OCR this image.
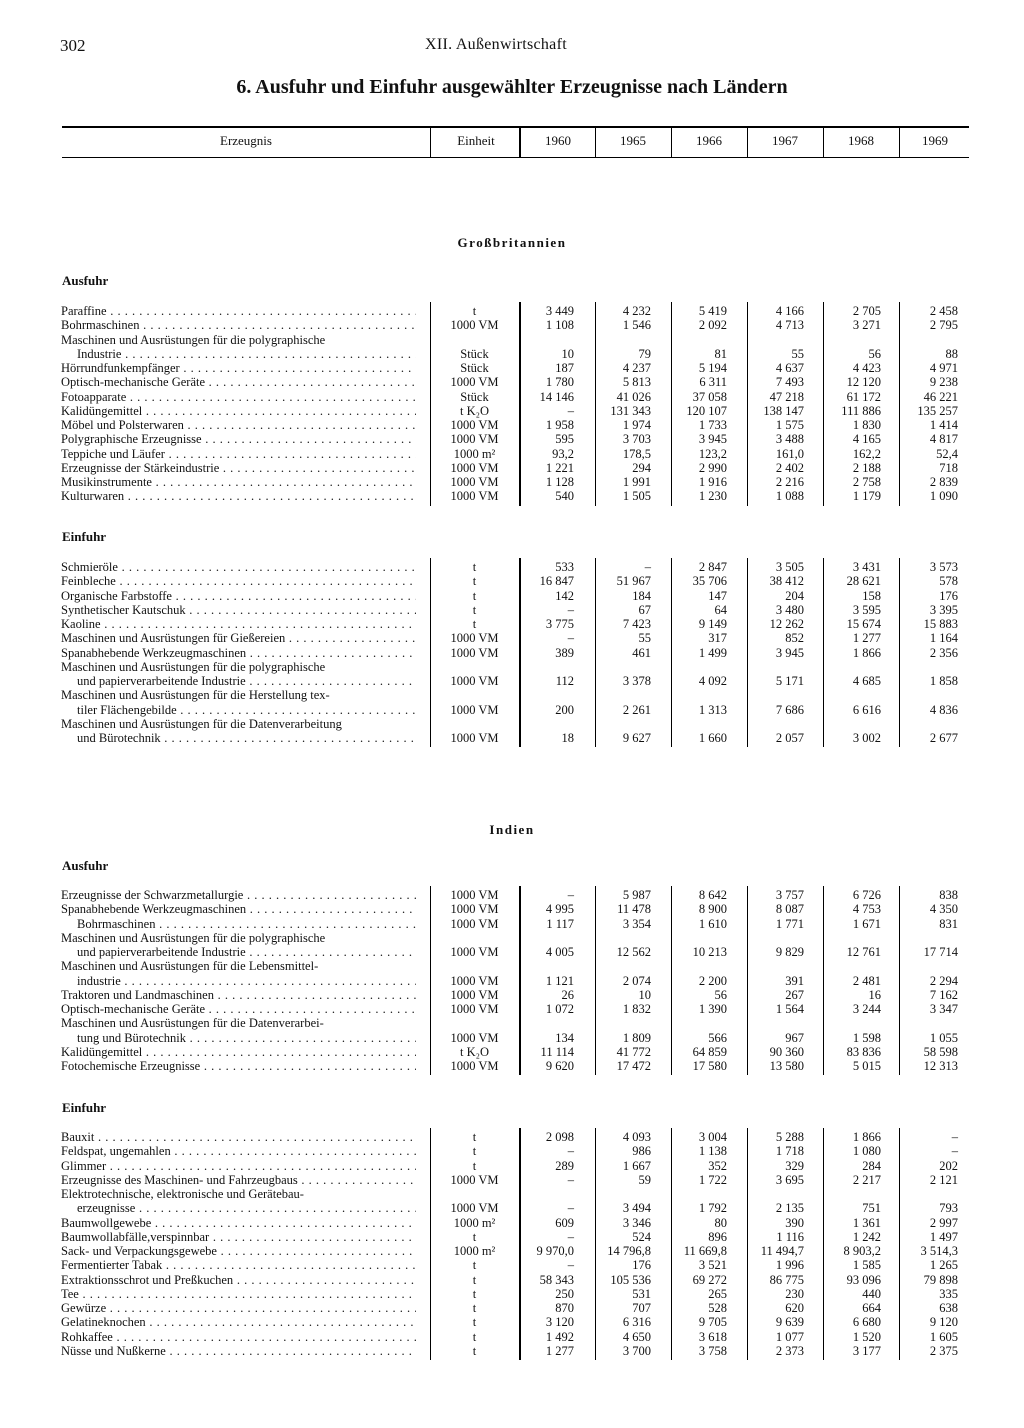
302	XII. Außenwirtschaft
6. Ausfuhr und Einfuhr ausgewählter Erzeugnisse nach Ländern
Erzeugnis	Einheit	1960	1965	1966	1967	1968	1969
Großbritannien
Ausfuhr
Paraffine . . .	t	3 449	4 232	5 419	4 166	2 705	2 458
Bohrmaschinen . . .	1000 VM	1 108	1 546	2 092	4 713	3 271	2 795
Maschinen und Ausrüstungen für die polygraphische
Industrie . . .	Stück	10	79	81	55	56	88
Hörrundfunkempfänger . . .	Stück	187	4 237	5 194	4 637	4 423	4 971
Optisch-mechanische Geräte . . .	1000 VM	1 780	5 813	6 311	7 493	12 120	9 238
Fotoapparate . . .	Stück	14 146	41 026	37 058	47 218	61 172	46 221
Kalidüngemittel . . .	t K₂O	–	131 343	120 107	138 147	111 886	135 257
Möbel und Polsterwaren . . .	1000 VM	1 958	1 974	1 733	1 575	1 830	1 414
Polygraphische Erzeugnisse . . .	1000 VM	595	3 703	3 945	3 488	4 165	4 817
Teppiche und Läufer . . .	1000 m²	93,2	178,5	123,2	161,0	162,2	52,4
Erzeugnisse der Stärkeindustrie . . .	1000 VM	1 221	294	2 990	2 402	2 188	718
Musikinstrumente . . .	1000 VM	1 128	1 991	1 916	2 216	2 758	2 839
Kulturwaren . . .	1000 VM	540	1 505	1 230	1 088	1 179	1 090
Einfuhr
Schmieröle . . .	t	533	–	2 847	3 505	3 431	3 573
Feinbleche . . .	t	16 847	51 967	35 706	38 412	28 621	578
Organische Farbstoffe . . .	t	142	184	147	204	158	176
Synthetischer Kautschuk . . .	t	–	67	64	3 480	3 595	3 395
Kaoline . . .	t	3 775	7 423	9 149	12 262	15 674	15 883
Maschinen und Ausrüstungen für Gießereien . . .	1000 VM	–	55	317	852	1 277	1 164
Spanabhebende Werkzeugmaschinen . . .	1000 VM	389	461	1 499	3 945	1 866	2 356
Maschinen und Ausrüstungen für die polygraphische
und papierverarbeitende Industrie . . .	1000 VM	112	3 378	4 092	5 171	4 685	1 858
Maschinen und Ausrüstungen für die Herstellung tex-
tiler Flächengebilde . . .	1000 VM	200	2 261	1 313	7 686	6 616	4 836
Maschinen und Ausrüstungen für die Datenverarbeitung
und Bürotechnik . . .	1000 VM	18	9 627	1 660	2 057	3 002	2 677
Indien
Ausfuhr
Erzeugnisse der Schwarzmetallurgie . . .	1000 VM	–	5 987	8 642	3 757	6 726	838
Spanabhebende Werkzeugmaschinen . . .	1000 VM	4 995	11 478	8 900	8 087	4 753	4 350
Bohrmaschinen . . .	1000 VM	1 117	3 354	1 610	1 771	1 671	831
Maschinen und Ausrüstungen für die polygraphische
und papierverarbeitende Industrie . . .	1000 VM	4 005	12 562	10 213	9 829	12 761	17 714
Maschinen und Ausrüstungen für die Lebensmittel-
industrie . . .	1000 VM	1 121	2 074	2 200	391	2 481	2 294
Traktoren und Landmaschinen . . .	1000 VM	26	10	56	267	16	7 162
Optisch-mechanische Geräte . . .	1000 VM	1 072	1 832	1 390	1 564	3 244	3 347
Maschinen und Ausrüstungen für die Datenverarbei-
tung und Bürotechnik . . .	1000 VM	134	1 809	566	967	1 598	1 055
Kalidüngemittel . . .	t K₂O	11 114	41 772	64 859	90 360	83 836	58 598
Fotochemische Erzeugnisse . . .	1000 VM	9 620	17 472	17 580	13 580	5 015	12 313
Einfuhr
Bauxit . . .	t	2 098	4 093	3 004	5 288	1 866	–
Feldspat, ungemahlen . . .	t	–	986	1 138	1 718	1 080	–
Glimmer . . .	t	289	1 667	352	329	284	202
Erzeugnisse des Maschinen- und Fahrzeugbaus . . .	1000 VM	–	59	1 722	3 695	2 217	2 121
Elektrotechnische, elektronische und Gerätebau-
erzeugnisse . . .	1000 VM	–	3 494	1 792	2 135	751	793
Baumwollgewebe . . .	1000 m²	609	3 346	80	390	1 361	2 997
Baumwollabfälle,verspinnbar . . .	t	–	524	896	1 116	1 242	1 497
Sack- und Verpackungsgewebe . . .	1000 m²	9 970,0	14 796,8	11 669,8	11 494,7	8 903,2	3 514,3
Fermentierter Tabak . . .	t	–	176	3 521	1 996	1 585	1 265
Extraktionsschrot und Preßkuchen . . .	t	58 343	105 536	69 272	86 775	93 096	79 898
Tee . . .	t	250	531	265	230	440	335
Gewürze . . .	t	870	707	528	620	664	638
Gelatineknochen . . .	t	3 120	6 316	9 705	9 639	6 680	9 120
Rohkaffee . . .	t	1 492	4 650	3 618	1 077	1 520	1 605
Nüsse und Nußkerne . . .	t	1 277	3 700	3 758	2 373	3 177	2 375
